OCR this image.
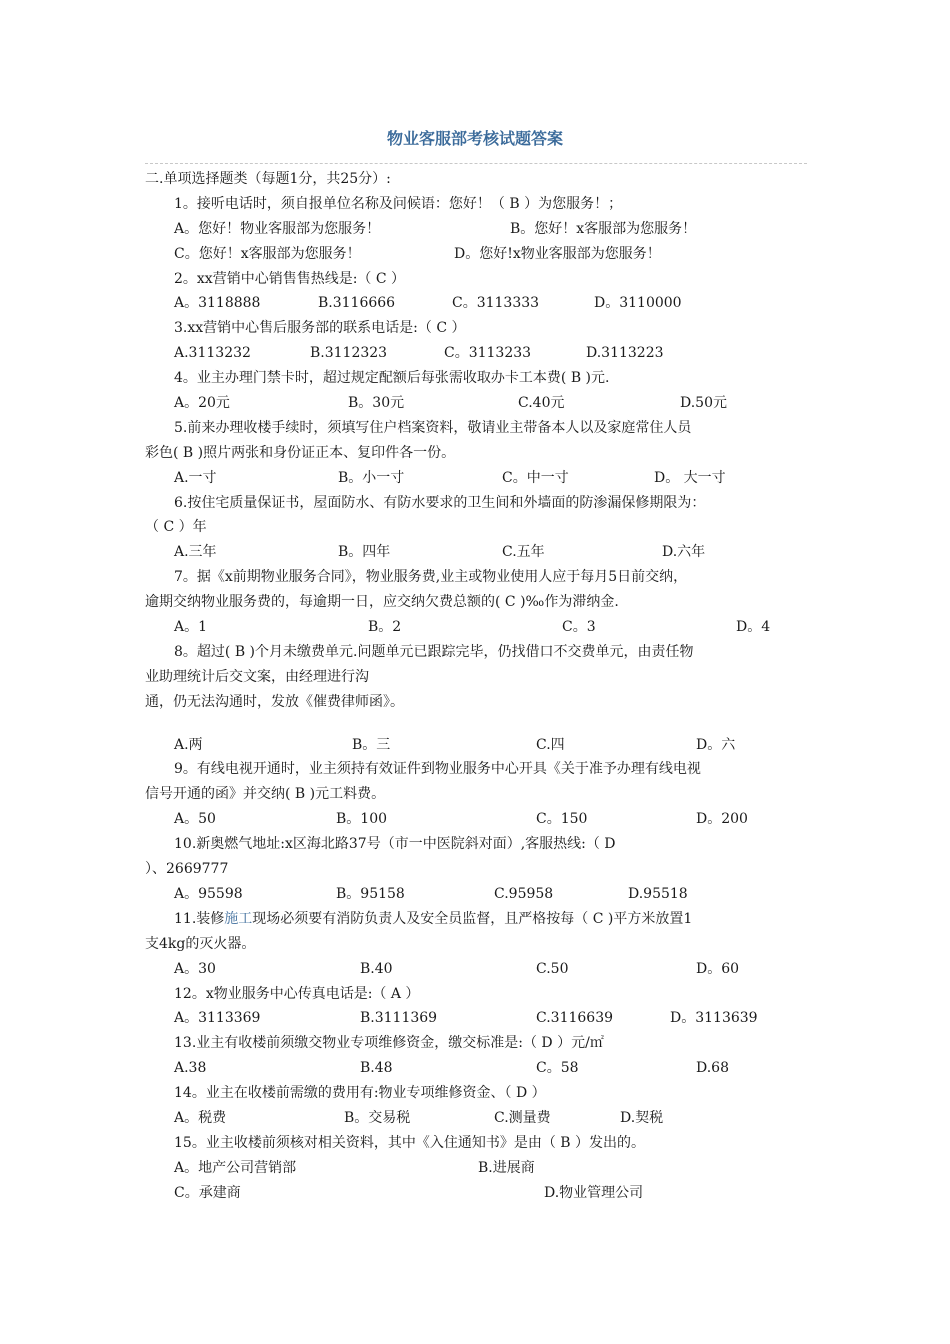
物业客服部考核试题答案
二.单项选择题类（每题1分，共25分）:
1。接听电话时，须自报单位名称及问候语：您好！（ B ）为您服务！；
A。您好！物业客服部为您服务！	B。您好！x客服部为您服务！
C。您好！x客服部为您服务！	D。您好!x物业客服部为您服务！
2。xx营销中心销售售热线是:（ C ）
A。3118888	B.3116666	C。3113333	D。3110000
3.xx营销中心售后服务部的联系电话是:（ C ）
A.3113232	B.3112323	C。3113233	D.3113223
4。业主办理门禁卡时，超过规定配额后每张需收取办卡工本费( B )元.
A。20元	B。30元	C.40元	D.50元
5.前来办理收楼手续时，须填写住户档案资料，敬请业主带备本人以及家庭常住人员
彩色( B )照片两张和身份证正本、复印件各一份。
A.一寸	B。小一寸	C。中一寸	D。 大一寸
6.按住宅质量保证书，屋面防水、有防水要求的卫生间和外墙面的防渗漏保修期限为：
（ C ）年
A.三年	B。四年	C.五年	D.六年
7。据《x前期物业服务合同》，物业服务费,业主或物业使用人应于每月5日前交纳，
逾期交纳物业服务费的，每逾期一日，应交纳欠费总额的( C )‰作为滞纳金.
A。1	B。2	C。3	D。4
8。超过( B )个月未缴费单元.问题单元已跟踪完毕，仍找借口不交费单元，由责任物
业助理统计后交文案，由经理进行沟
通，仍无法沟通时，发放《催费律师函》。
A.两	B。三	C.四	D。六
9。有线电视开通时，业主须持有效证件到物业服务中心开具《关于准予办理有线电视
信号开通的函》并交纳( B )元工料费。
A。50	B。100	C。150	D。200
10.新奥燃气地址:x区海北路37号（市一中医院斜对面）,客服热线:（ D
）、2669777
A。95598	B。95158	C.95958	D.95518
11.装修施工现场必须要有消防负责人及安全员监督，且严格按每（ C )平方米放置1
支4kg的灭火器。
A。30	B.40	C.50	D。60
12。x物业服务中心传真电话是:（ A ）
A。3113369	B.3111369	C.3116639	D。3113639
13.业主有收楼前须缴交物业专项维修资金，缴交标准是:（ D ）元/㎡
A.38	B.48	C。58	D.68
14。业主在收楼前需缴的费用有:物业专项维修资金、（ D ）
A。税费	B。交易税	C.测量费	D.契税
15。业主收楼前须核对相关资料，其中《入住通知书》是由（ B ）发出的。
A。地产公司营销部	B.进展商
C。承建商	D.物业管理公司
